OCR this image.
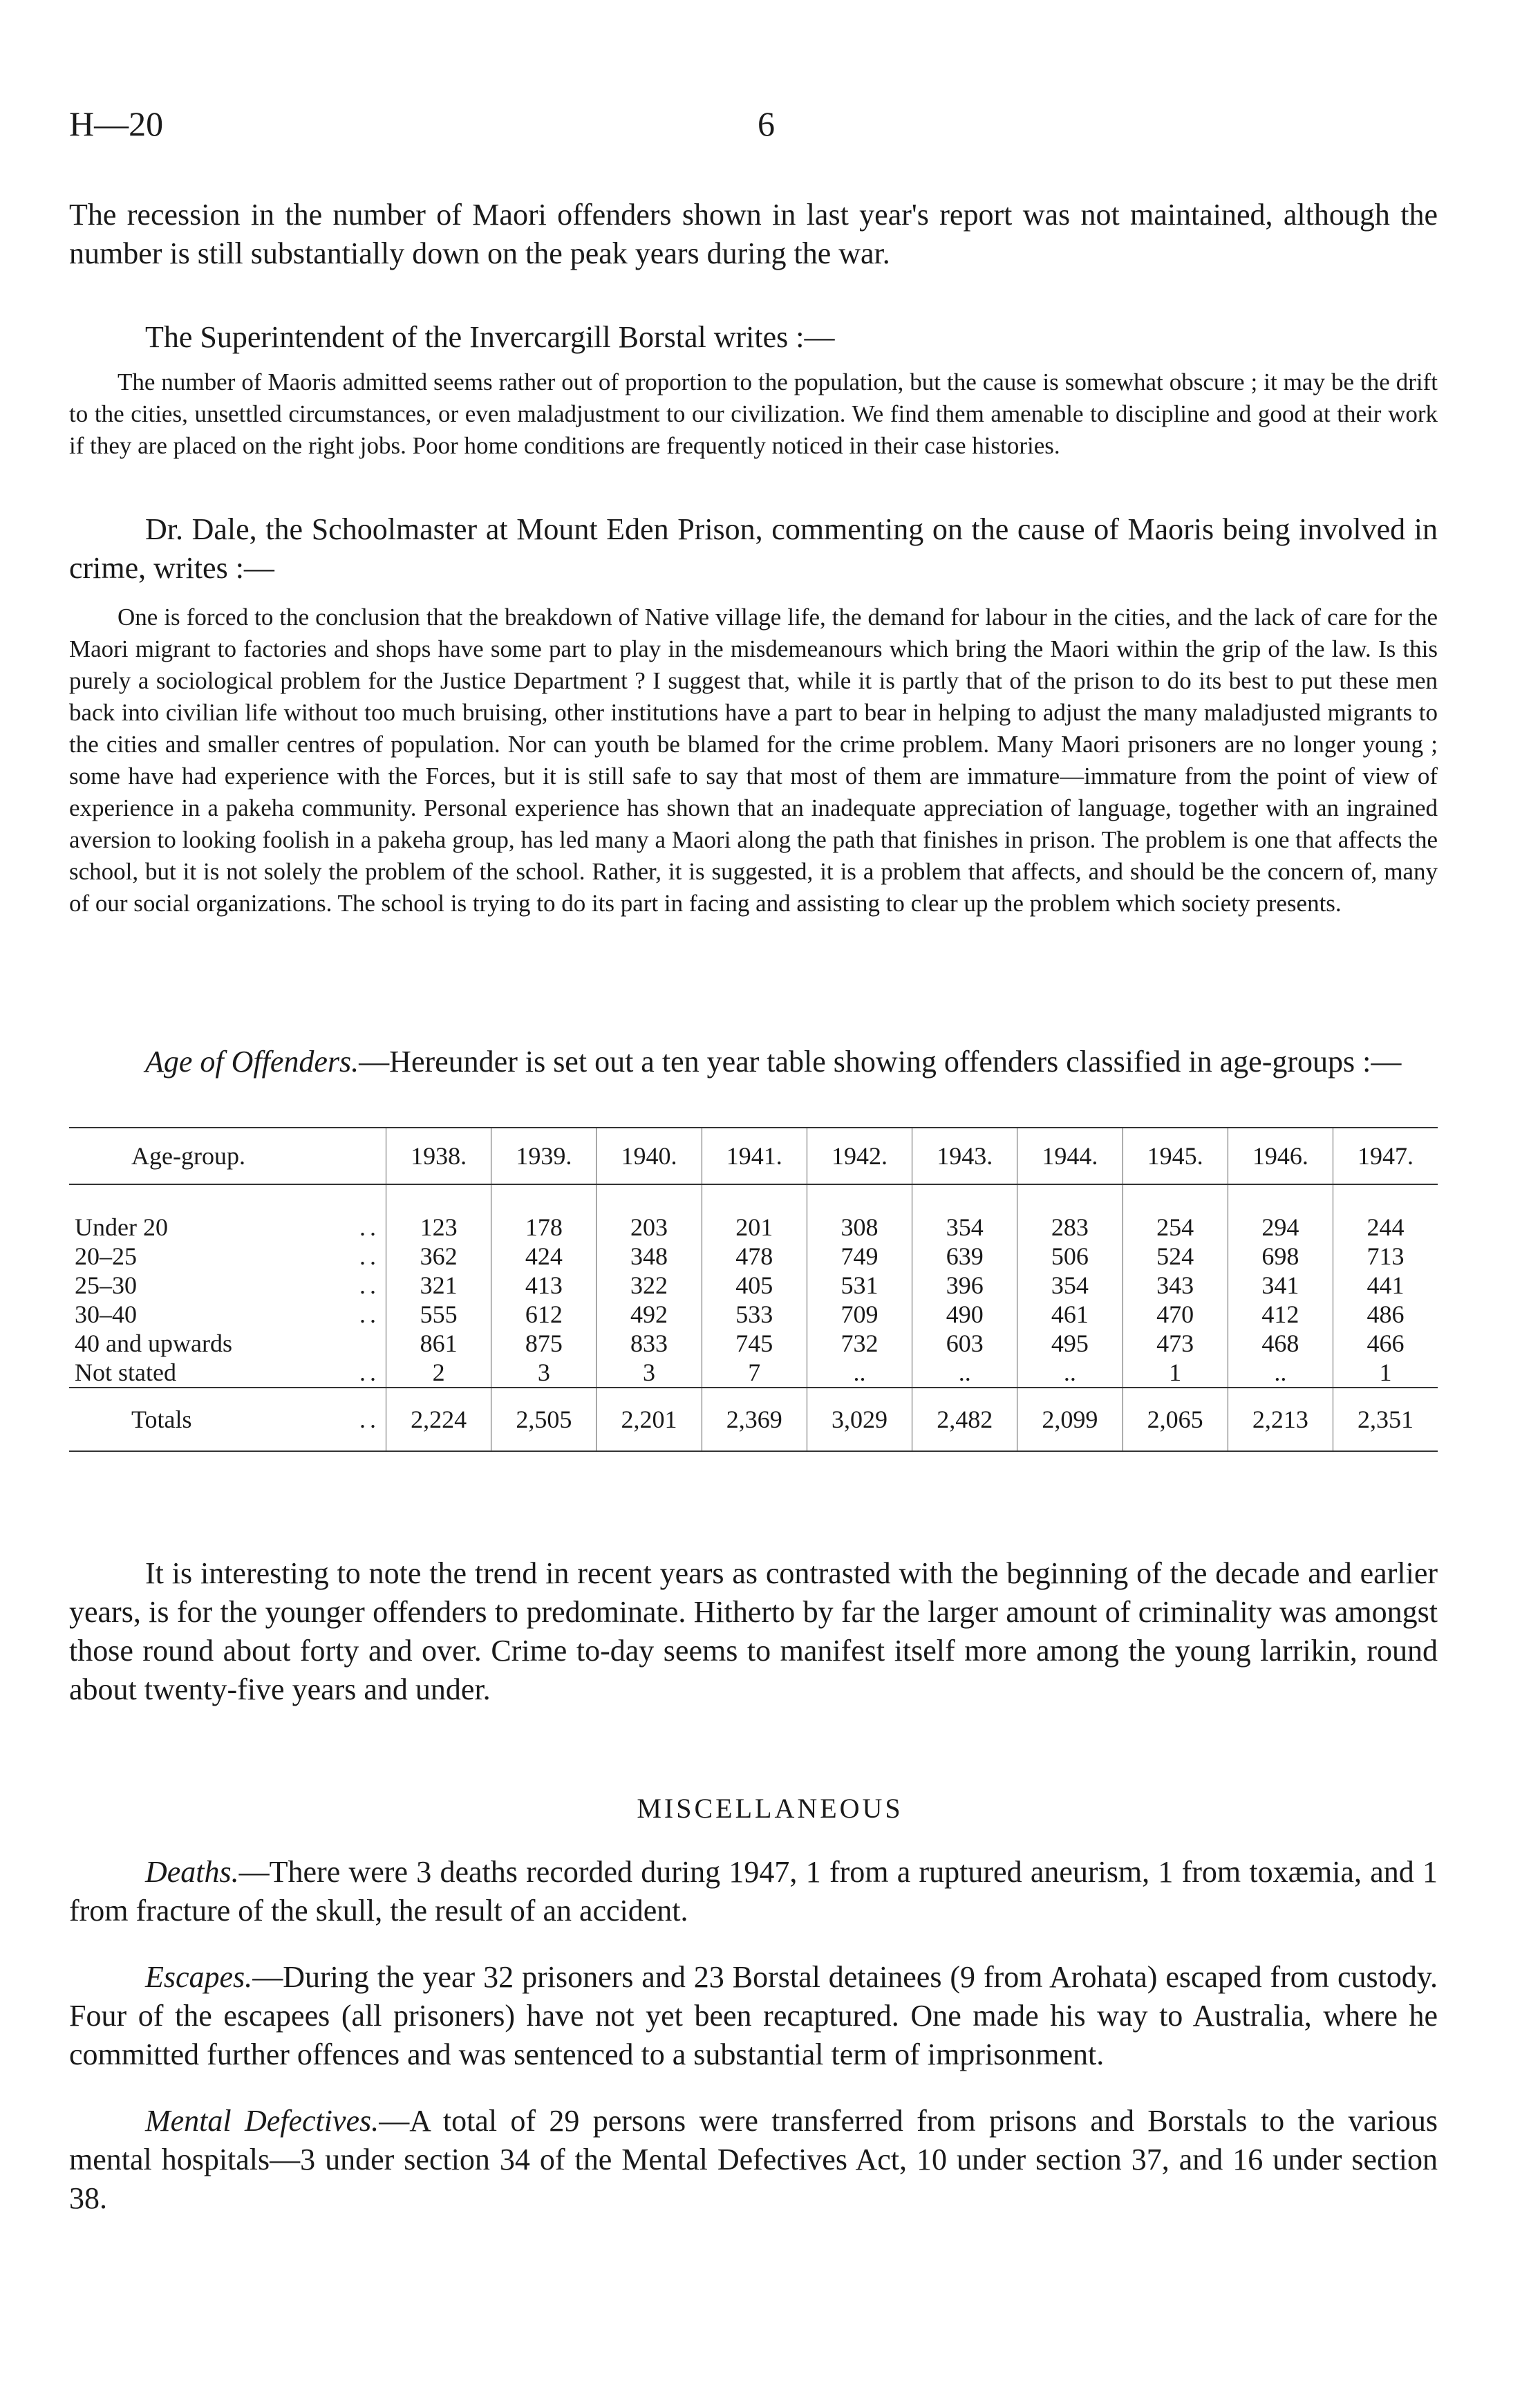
H—20	6

The recession in the number of Maori offenders shown in last year's report was not maintained, although the number is still substantially down on the peak years during the war.

The Superintendent of the Invercargill Borstal writes :—

The number of Maoris admitted seems rather out of proportion to the population, but the cause is somewhat obscure ; it may be the drift to the cities, unsettled circumstances, or even maladjustment to our civilization. We find them amenable to discipline and good at their work if they are placed on the right jobs. Poor home conditions are frequently noticed in their case histories.

Dr. Dale, the Schoolmaster at Mount Eden Prison, commenting on the cause of Maoris being involved in crime, writes :—

One is forced to the conclusion that the breakdown of Native village life, the demand for labour in the cities, and the lack of care for the Maori migrant to factories and shops have some part to play in the misdemeanours which bring the Maori within the grip of the law. Is this purely a sociological problem for the Justice Department ? I suggest that, while it is partly that of the prison to do its best to put these men back into civilian life without too much bruising, other institutions have a part to bear in helping to adjust the many maladjusted migrants to the cities and smaller centres of population. Nor can youth be blamed for the crime problem. Many Maori prisoners are no longer young ; some have had experience with the Forces, but it is still safe to say that most of them are immature—immature from the point of view of experience in a pakeha community. Personal experience has shown that an inadequate appreciation of language, together with an ingrained aversion to looking foolish in a pakeha group, has led many a Maori along the path that finishes in prison. The problem is one that affects the school, but it is not solely the problem of the school. Rather, it is suggested, it is a problem that affects, and should be the concern of, many of our social organizations. The school is trying to do its part in facing and assisting to clear up the problem which society presents.

Age of Offenders.—Hereunder is set out a ten year table showing offenders classified in age-groups :—

Age-group.	1938.	1939.	1940.	1941.	1942.	1943.	1944.	1945.	1946.	1947.
Under 20 ..	123	178	203	201	308	354	283	254	294	244
20–25 ..	362	424	348	478	749	639	506	524	698	713
25–30 ..	321	413	322	405	531	396	354	343	341	441
30–40 ..	555	612	492	533	709	490	461	470	412	486
40 and upwards	861	875	833	745	732	603	495	473	468	466
Not stated ..	2	3	3	7	..	..	..	1	..	1
Totals ..	2,224	2,505	2,201	2,369	3,029	2,482	2,099	2,065	2,213	2,351

It is interesting to note the trend in recent years as contrasted with the beginning of the decade and earlier years, is for the younger offenders to predominate. Hitherto by far the larger amount of criminality was amongst those round about forty and over. Crime to-day seems to manifest itself more among the young larrikin, round about twenty-five years and under.

MISCELLANEOUS

Deaths.—There were 3 deaths recorded during 1947, 1 from a ruptured aneurism, 1 from toxæmia, and 1 from fracture of the skull, the result of an accident.

Escapes.—During the year 32 prisoners and 23 Borstal detainees (9 from Arohata) escaped from custody. Four of the escapees (all prisoners) have not yet been recaptured. One made his way to Australia, where he committed further offences and was sentenced to a substantial term of imprisonment.

Mental Defectives.—A total of 29 persons were transferred from prisons and Borstals to the various mental hospitals—3 under section 34 of the Mental Defectives Act, 10 under section 37, and 16 under section 38.
